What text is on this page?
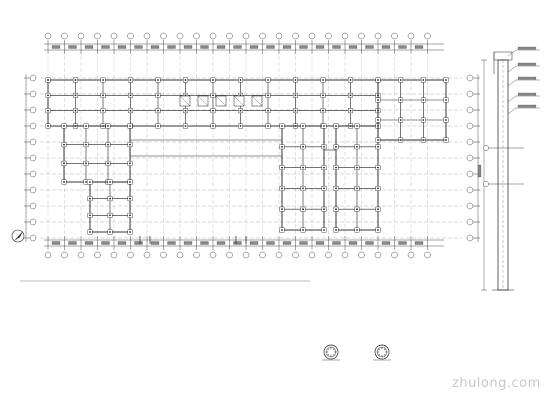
zhulong.com
